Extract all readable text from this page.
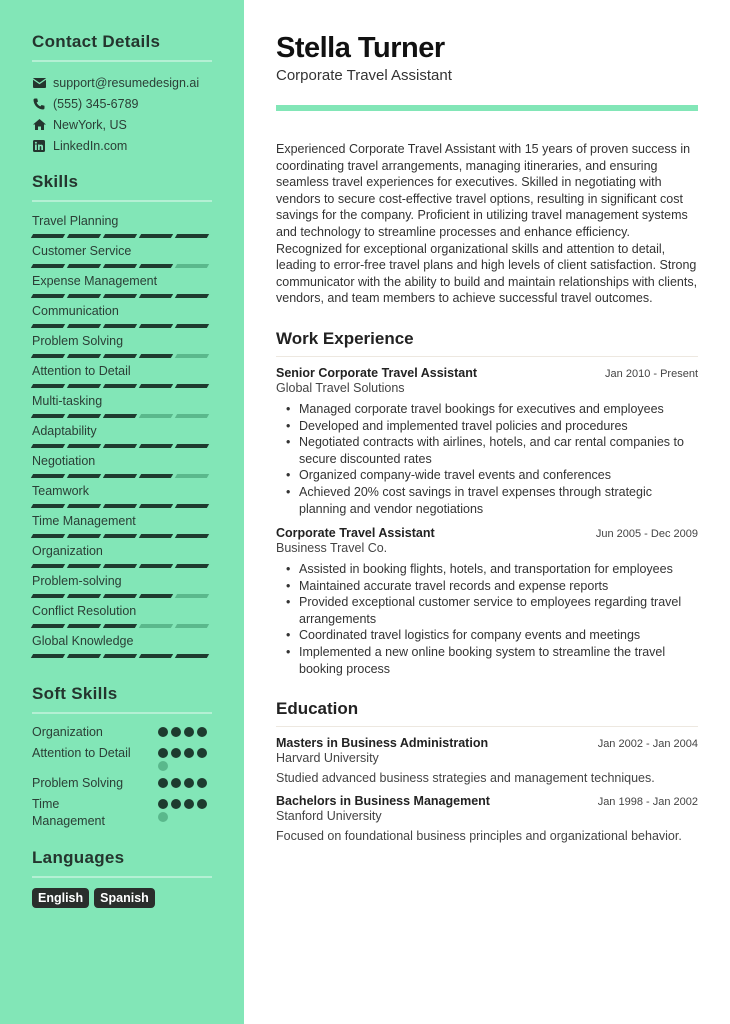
Contact Details
support@resumedesign.ai
(555) 345-6789
NewYork, US
LinkedIn.com
Skills
Travel Planning
Customer Service
Expense Management
Communication
Problem Solving
Attention to Detail
Multi-tasking
Adaptability
Negotiation
Teamwork
Time Management
Organization
Problem-solving
Conflict Resolution
Global Knowledge
Soft Skills
Organization
Attention to Detail
Problem Solving
Time Management
Languages
English	Spanish
Stella Turner
Corporate Travel Assistant

Experienced Corporate Travel Assistant with 15 years of proven success in coordinating travel arrangements, managing itineraries, and ensuring seamless travel experiences for executives. Skilled in negotiating with vendors to secure cost-effective travel options, resulting in significant cost savings for the company. Proficient in utilizing travel management systems and technology to streamline processes and enhance efficiency. Recognized for exceptional organizational skills and attention to detail, leading to error-free travel plans and high levels of client satisfaction. Strong communicator with the ability to build and maintain relationships with clients, vendors, and team members to achieve successful travel outcomes.

Work Experience
Senior Corporate Travel Assistant	Jan 2010 - Present
Global Travel Solutions
• Managed corporate travel bookings for executives and employees
• Developed and implemented travel policies and procedures
• Negotiated contracts with airlines, hotels, and car rental companies to secure discounted rates
• Organized company-wide travel events and conferences
• Achieved 20% cost savings in travel expenses through strategic planning and vendor negotiations
Corporate Travel Assistant	Jun 2005 - Dec 2009
Business Travel Co.
• Assisted in booking flights, hotels, and transportation for employees
• Maintained accurate travel records and expense reports
• Provided exceptional customer service to employees regarding travel arrangements
• Coordinated travel logistics for company events and meetings
• Implemented a new online booking system to streamline the travel booking process
Education
Masters in Business Administration	Jan 2002 - Jan 2004
Harvard University
Studied advanced business strategies and management techniques.
Bachelors in Business Management	Jan 1998 - Jan 2002
Stanford University
Focused on foundational business principles and organizational behavior.
